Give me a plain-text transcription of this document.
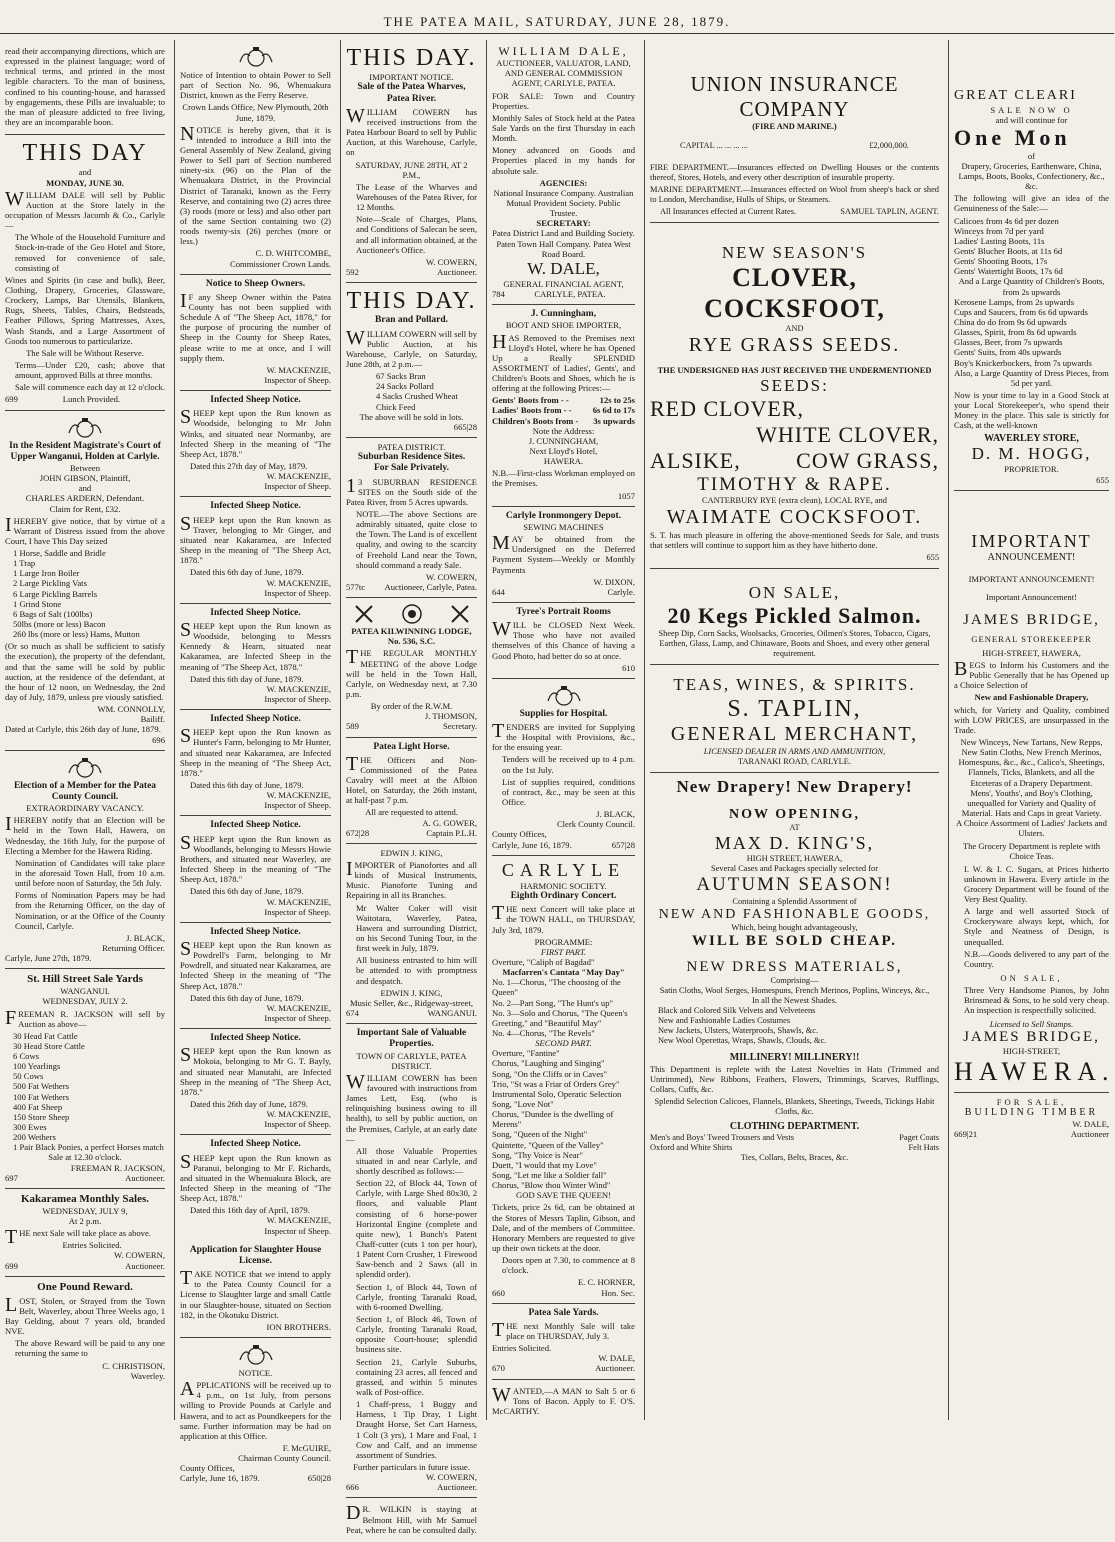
THE PATEA MAIL, SATURDAY, JUNE 28, 1879.
read their accompanying directions, which are expressed in the plainest language; word of technical terms, and printed in the most legible characters. To the man of business, confined to his counting-house, and harassed by engagements, these Pills are invaluable; to the man of pleasure addicted to free living, they are an incomparable boon.
THIS DAY
and
MONDAY, JUNE 30.
WILLIAM DALE will sell by Public Auction at the Store lately in the occupation of Messrs Jacomb & Co., Carlyle—
The Whole of the Household Furniture and Stock-in-trade of the Geo Hotel and Store, removed for convenience of sale, consisting of
Wines and Spirits (in case and bulk), Beer, Clothing, Drapery, Groceries, Glassware, Crockery, Lamps, Bar Utensils, Blankets, Rugs, Sheets, Tables, Chairs, Bedsteads, Feather Pillows, Spring Mattresses, Axes, Wash Stands, and a Large Assortment of Goods too numerous to particularize.
The Sale will be Without Reserve.
Terms—Under £20, cash; above that amount, approved Bills at three months.
Sale will commence each day at 12 o'clock.
699	Lunch Provided.
In the Resident Magistrate's Court of Upper Wanganui, Holden at Carlyle.
Between
JOHN GIBSON, Plaintiff,
and
CHARLES ARDERN, Defendant.
Claim for Rent, £32.
IHEREBY give notice, that by virtue of a Warrant of Distress issued from the above Court, I have This Day seized
1 Horse, Saddle and Bridle
1 Trap
1 Large Iron Boiler
2 Large Pickling Vats
6 Large Pickling Barrels
1 Grind Stone
6 Bags of Salt (100lbs)
50lbs (more or less) Bacon
260 lbs (more or less) Hams, Mutton
(Or so much as shall be sufficient to satisfy the execution), the property of the defendant, and that the same will be sold by public auction, at the residence of the defendant, at the hour of 12 noon, on Wednesday, the 2nd day of July, 1879, unless pre viously satisfied.
WM. CONNOLLY,
Bailiff.
Dated at Carlyle, this 26th day of June, 1879.
696
Election of a Member for the Patea County Council.
EXTRAORDINARY VACANCY.
IHEREBY notify that an Election will be held in the Town Hall, Hawera, on Wednesday, the 16th July, for the purpose of Electing a Member for the Hawera Riding.
Nomination of Candidates will take place in the aforesaid Town Hall, from 10 a.m. until before noon of Saturday, the 5th July.
Forms of Nomination Papers may be had from the Returning Officer, on the day of Nomination, or at the Office of the County Council, Carlyle.
J. BLACK,
Returning Officer.
Carlyle, June 27th, 1879.
St. Hill Street Sale Yards
WANGANUI.
WEDNESDAY, JULY 2.
FREEMAN R. JACKSON will sell by Auction as above—
30 Head Fat Cattle
30 Head Store Cattle
6 Cows
100 Yearlings
50 Cows
500 Fat Wethers
100 Fat Wethers
400 Fat Sheep
150 Store Sheep
300 Ewes
200 Wethers
1 Pair Black Ponies, a perfect Horses match
Sale at 12.30 o'clock.
FREEMAN R. JACKSON,
697	Auctioneer.
Kakaramea Monthly Sales.
WEDNESDAY, JULY 9,
At 2 p.m.
THE next Sale will take place as above.
Entries Solicited.
W. COWERN,
699	Auctioneer.
One Pound Reward.
LOST, Stolen, or Strayed from the Town Belt, Waverley, about Three Weeks ago, 1 Bay Gelding, about 7 years old, branded NVE.
The above Reward will be paid to any one returning the same to
C. CHRISTISON,
Waverley.
Notice of Intention to obtain Power to Sell part of Section No. 96, Whenuakura District, known as the Ferry Reserve.
Crown Lands Office, New Plymouth, 20th June, 1879.
NOTICE is hereby given, that it is intended to introduce a Bill into the General Assembly of New Zealand, giving Power to Sell part of Section numbered ninety-six (96) on the Plan of the Whenuakura District, in the Provincial District of Taranaki, known as the Ferry Reserve, and containing two (2) acres three (3) roods (more or less) and also other part of the same Section containing two (2) roods twenty-six (26) perches (more or less.)
C. D. WHITCOMBE,
Commissioner Crown Lands.
Notice to Sheep Owners.
IF any Sheep Owner within the Patea County has not been supplied with Schedule A of "The Sheep Act, 1878," for the purpose of procuring the number of Sheep in the County for Sheep Rates, please write to me at once, and I will supply them.
W. MACKENZIE,
Inspector of Sheep.
Infected Sheep Notice.
SHEEP kept upon the Run known as Woodside, belonging to Mr John Winks, and situated near Normanby, are Infected Sheep in the meaning of "The Sheep Act, 1878."
Dated this 27th day of May, 1879.
W. MACKENZIE,
Inspector of Sheep.
Infected Sheep Notice.
SHEEP kept upon the Run known as Traver, belonging to Mr Ginger, and situated near Kakaramea, are Infected Sheep in the meaning of "The Sheep Act, 1878."
Dated this 6th day of June, 1879.
W. MACKENZIE,
Inspector of Sheep.
Infected Sheep Notice.
SHEEP kept upon the Run known as Woodside, belonging to Messrs Kennedy & Hearn, situated near Kakaramea, are Infected Sheep in the meaning of "The Sheep Act, 1878."
Dated this 6th day of June, 1879.
W. MACKENZIE,
Inspector of Sheep.
Infected Sheep Notice.
SHEEP kept upon the Run known as Hunter's Farm, belonging to Mr Hunter, and situated near Kakaramea, are Infected Sheep in the meaning of "The Sheep Act, 1878."
Dated this 6th day of June, 1879.
W. MACKENZIE,
Inspector of Sheep.
Infected Sheep Notice.
SHEEP kept upon the Run known as Woodlands, belonging to Messrs Howie Brothers, and situated near Waverley, are Infected Sheep in the meaning of "The Sheep Act, 1878."
Dated this 6th day of June, 1879.
W. MACKENZIE,
Inspector of Sheep.
Infected Sheep Notice.
SHEEP kept upon the Run known as Powdrell's Farm, belonging to Mr Powdrell, and situated near Kakaramea, are Infected Sheep in the meaning of "The Sheep Act, 1878."
Dated this 6th day of June, 1879.
W. MACKENZIE,
Inspector of Sheep.
Infected Sheep Notice.
SHEEP kept upon the Run known as Mokoia, belonging to Mr G. T. Bayly, and situated near Manutahi, are Infected Sheep in the meaning of "The Sheep Act, 1878."
Dated this 26th day of June, 1879.
W. MACKENZIE,
Inspector of Sheep.
Infected Sheep Notice.
SHEEP kept upon the Run known as Paranui, belonging to Mr F. Richards, and situated in the Whenuakura Block, are Infected Sheep in the meaning of "The Sheep Act, 1878."
Dated this 16th day of April, 1879.
W. MACKENZIE,
Inspector of Sheep.
Application for Slaughter House License.
TAKE NOTICE that we intend to apply to the Patea County Council for a License to Slaughter large and small Cattle in our Slaughter-house, situated on Section 182, in the Okotuku District.
ION BROTHERS.
NOTICE.
APPLICATIONS will be received up to 4 p.m., on 1st July, from persons willing to Provide Pounds at Carlyle and Hawera, and to act as Poundkeepers for the same. Further information may be had on application at this Office.
F. McGUIRE,
Chairman County Council.
County Offices,
Carlyle, June 16, 1879.	650|28
THIS DAY.
IMPORTANT NOTICE.
Sale of the Patea Wharves, Patea River.
WILLIAM COWERN has received instructions from the Patea Harbour Board to sell by Public Auction, at this Warehouse, Carlyle, on
SATURDAY, JUNE 28TH, AT 2 P.M.,
The Lease of the Wharves and Warehouses of the Patea River, for 12 Months.
Note—Scale of Charges, Plans, and Conditions of Salecan be seen, and all information obtained, at the Auctioneer's Office.
W. COWERN,
592	Auctioneer.
THIS DAY.
Bran and Pollard.
WILLIAM COWERN will sell by Public Auction, at his Warehouse, Carlyle, on Saturday, June 28th, at 2 p.m.—
67 Sacks Bran
24 Sacks Pollard
4 Sacks Crushed Wheat
Chick Feed
The above will be sold in lots.
665|28
PATEA DISTRICT.
Suburban Residence Sites.
For Sale Privately.
13 SUBURBAN RESIDENCE SITES on the South side of the Patea River, from 5 Acres upwards.
NOTE.—The above Sections are admirably situated, quite close to the Town. The Land is of excellent quality, and owing to the scarcity of Freehold Land near the Town, should command a ready Sale.
W. COWERN,
577tc Auctioneer, Carlyle, Patea.
PATEA KILWINNING LODGE, No. 536, S.C.
THE REGULAR MONTHLY MEETING of the above Lodge will be held in the Town Hall, Carlyle, on Wednesday next, at 7.30 p.m.
By order of the R.W.M.
J. THOMSON,
589	Secretary.
Patea Light Horse.
THE Officers and Non-Commissioned of the Patea Cavalry will meet at the Albion Hotel, on Saturday, the 26th instant, at half-past 7 p.m.
All are requested to attend.
A. G. GOWER,
672|28	Captain P.L.H.
EDWIN J. KING,
IMPORTER of Pianofortes and all kinds of Musical Instruments, Music. Pianoforte Tuning and Repairing in all its Branches.
Mr Walter Coker will visit Waitotara, Waverley, Patea, Hawera and surrounding District, on his Second Tuning Tour, in the first week in July, 1879.
All business entrusted to him will be attended to with promptness and despatch.
EDWIN J. KING,
Music Seller, &c., Ridgeway-street,
674	WANGANUI.
Important Sale of Valuable Properties.
TOWN OF CARLYLE, PATEA DISTRICT.
WILLIAM COWERN has been favoured with instructions from James Lett, Esq. (who is relinquishing business owing to ill health), to sell by public auction, on the Premises, Carlyle, at an early date—
All those Valuable Properties situated in and near Carlyle, and shortly described as follows:—
Section 22, of Block 44, Town of Carlyle, with Large Shed 80x30, 2 floors, and valuable Plant consisting of 6 horse-power Horizontal Engine (complete and quite new), 1 Bunch's Patent Chaff-cutter (cuts 1 ton per hour), 1 Patent Corn Crusher, 1 Firewood Saw-bench and 2 Saws (all in splendid order).
Section 1, of Block 44, Town of Carlyle, fronting Taranaki Road, with 6-roomed Dwelling.
Section 1, of Block 46, Town of Carlyle, fronting Taranaki Road, opposite Court-house; splendid business site.
Section 21, Carlyle Suburbs, containing 23 acres, all fenced and grassed, and within 5 minutes walk of Post-office.
1 Chaff-press, 1 Buggy and Harness, 1 Tip Dray, 1 Light Draught Horse, Set Cart Harness, 1 Colt (3 yrs), 1 Mare and Foal, 1 Cow and Calf, and an immense assortment of Sundries.
Further particulars in future issue.
W. COWERN,
666	Auctioneer.
DR. WILKIN is staying at Belmont Hill, with Mr Samuel Peat, where he can be consulted daily.
WILLIAM DALE,
AUCTIONEER, VALUATOR, LAND, AND GENERAL COMMISSION AGENT, CARLYLE, PATEA.
FOR SALE: Town and Country Properties.
Monthly Sales of Stock held at the Patea Sale Yards on the first Thursday in each Month.
Money advanced on Goods and Properties placed in my hands for absolute sale.
AGENCIES:
National Insurance Company. Australian Mutual Provident Society. Public Trustee.
SECRETARY:
Patea District Land and Building Society. Paten Town Hall Company. Patea West Road Board.
W. DALE,
GENERAL FINANCIAL AGENT,
784	CARLYLE, PATEA.
J. Cunningham,
BOOT AND SHOE IMPORTER,
HAS Removed to the Premises next Lloyd's Hotel, where he has Opened Up a Really SPLENDID ASSORTMENT of Ladies', Gents', and Children's Boots and Shoes, which he is offering at the following Prices:—
Gents' Boots from - -	12s to 25s
Ladies' Boots from - - 6s 6d to 17s
Children's Boots from - 3s upwards
Note the Address:
J. CUNNINGHAM,
Next Lloyd's Hotel,
HAWERA.
N.B.—First-class Workman employed on the Premises.
1057
Carlyle Ironmongery Depot.
SEWING MACHINES
MAY be obtained from the Undersigned on the Deferred Payment System—Weekly or Monthly Payments
W. DIXON,
644	Carlyle.
Tyree's Portrait Rooms
WILL be CLOSED Next Week. Those who have not availed themselves of this Chance of having a Good Photo, had better do so at once.
610
Supplies for Hospital.
TENDERS are invited for Supplying the Hospital with Provisions, &c., for the ensuing year.
Tenders will be received up to 4 p.m. on the 1st July.
List of supplies required, conditions of contract, &c., may be seen at this Office.
J. BLACK,
Clerk County Council.
County Offices,
Carlyle, June 16, 1879.	657|28
CARLYLE
HARMONIC SOCIETY.
Eighth Ordinary Concert.
THE next Concert will take place at the TOWN HALL, on THURSDAY, July 3rd, 1879.
PROGRAMME:
FIRST PART.
Overture, "Caliph of Bagdad"
Macfarren's Cantata "May Day"
No. 1—Chorus, "The choosing of the Queen"
No. 2—Part Song, "The Hunt's up"
No. 3—Solo and Chorus, "The Queen's Greeting," and "Beautiful May"
No. 4—Chorus, "The Revels"
SECOND PART.
Overture, "Fantine"
Chorus, "Laughing and Singing"
Song, "On the Cliffs or in Caves"
Trio, "St was a Friar of Orders Grey"
Instrumental Solo, Operatic Selection
Song, "Love Not"
Chorus, "Dundee is the dwelling of Merens"
Song, "Queen of the Night"
Quintette, "Queen of the Valley"
Song, "Thy Voice is Near"
Duett, "I would that my Love"
Song, "Let me like a Soldier fall"
Chorus, "Blow thou Winter Wind"
GOD SAVE THE QUEEN!
Tickets, price 2s 6d, can be obtained at the Stores of Messrs Taplin, Gibson, and Dale, and of the members of Committee. Honorary Members are requested to give up their own tickets at the door.
Doors open at 7.30, to commence at 8 o'clock.
E. C. HORNER,
660	Hon. Sec.
Patea Sale Yards.
THE next Monthly Sale will take place on THURSDAY, July 3.
Entries Solicited.
W. DALE,
670	Auctioneer.
WANTED,—A MAN to Salt 5 or 6 Tons of Bacon. Apply to F. O'S. McCARTHY.
UNION INSURANCE COMPANY
(FIRE AND MARINE.)
CAPITAL ... ... ... ...	£2,000,000.
FIRE DEPARTMENT.—Insurances effected on Dwelling Houses or the contents thereof, Stores, Hotels, and every other description of insurable property.
MARINE DEPARTMENT.—Insurances effected on Wool from sheep's back or shed to London, Merchandise, Hulls of Ships, or Steamers.
All Insurances effected at Current Rates.	SAMUEL TAPLIN, AGENT.
NEW SEASON'S
CLOVER, COCKSFOOT,
AND
RYE GRASS SEEDS.
THE UNDERSIGNED HAS JUST RECEIVED THE UNDERMENTIONED
SEEDS:
RED CLOVER,
WHITE CLOVER,
ALSIKE,	COW GRASS,
TIMOTHY & RAPE.
CANTERBURY RYE (extra clean), LOCAL RYE, and
WAIMATE COCKSFOOT.
S. T. has much pleasure in offering the above-mentioned Seeds for Sale, and trusts that settlers will continue to support him as they have hitherto done.
655
ON SALE,
20 Kegs Pickled Salmon.
Sheep Dip, Corn Sacks, Woolsacks, Groceries, Oilmen's Stores, Tobacco, Cigars, Earthen, Glass, Lamp, and Chinaware, Boots and Shoes, and every other general requirement.
TEAS, WINES, & SPIRITS.
S. TAPLIN,
GENERAL MERCHANT,
LICENSED DEALER IN ARMS AND AMMUNITION,
TARANAKI ROAD, CARLYLE.
New Drapery! New Drapery!
NOW OPENING,
AT
MAX D. KING'S,
HIGH STREET, HAWERA,
Several Cases and Packages specially selected for
AUTUMN SEASON!
Containing a Splendid Assortment of
NEW AND FASHIONABLE GOODS,
Which, being bought advantageously,
WILL BE SOLD CHEAP.
NEW DRESS MATERIALS,
Comprising—
Satin Cloths, Wool Serges, Homespuns, French Merinos, Poplins, Winceys, &c.,
In all the Newest Shades.
Black and Colored Silk Velvets and Velveteens
New and Fashionable Ladies Costumes
New Jackets, Ulsters, Waterproofs, Shawls, &c.
New Wool Operettas, Wraps, Shawls, Clouds, &c.
MILLINERY! MILLINERY!!
This Department is replete with the Latest Novelties in Hats (Trimmed and Untrimmed), New Ribbons, Feathers, Flowers, Trimmings, Scarves, Rufflings, Collars, Cuffs, &c.
Splendid Selection Calicoes, Flannels, Blankets, Sheetings, Tweeds, Tickings Habit Cloths, &c.
CLOTHING DEPARTMENT.
Men's and Boys' Tweed Trousers and Vests	Paget Coats
Oxford and White Shirts	Felt Hats
Ties, Collars, Belts, Braces, &c.
GREAT CLEARI
SALE NOW O
and will continue for
One Mon
of
Drapery, Groceries, Earthenware, China, Lamps, Boots, Books, Confectionery, &c., &c.
The following will give an idea of the Genuineness of the Sale:—
Calicoes from 4s 6d per dozen
Winceys from 7d per yard
Ladies' Lasting Boots, 11s
Gents' Blucher Boots, at 11s 6d
Gents' Shooting Boots, 17s
Gents' Watertight Boots, 17s 6d
And a Large Quantity of Children's Boots, from 2s upwards
Kerosene Lamps, from 2s upwards
Cups and Saucers, from 6s 6d upwards
China do do from 9s 6d upwards
Glasses, Spirit, from 8s 6d upwards
Glasses, Beer, from 7s upwards
Gents' Suits, from 40s upwards
Boy's Knickerbockers, from 7s upwards
Also, a Large Quantity of Dress Pieces, from 5d per yard.
Now is your time to lay in a Good Stock at your Local Storekeeper's, who spend their Money in the place. This sale is strictly for Cash, at the well-known
WAVERLEY STORE,
D. M. HOGG,
PROPRIETOR.
655
IMPORTANT
ANNOUNCEMENT!
IMPORTANT ANNOUNCEMENT!
Important Announcement!
JAMES BRIDGE,
GENERAL STOREKEEPER
HIGH-STREET, HAWERA,
BEGS to Inform his Customers and the Public Generally that he has Opened up a Choice Selection of
New and Fashionable Drapery,
which, for Variety and Quality, combined with LOW PRICES, are unsurpassed in the Trade.
New Winceys, New Tartans, New Repps, New Satin Cloths, New French Merinos, Homespuns, &c., &c., Calico's, Sheetings, Flannels, Ticks, Blankets, and all the Etceteras of a Drapery Department.
Mens', Youths', and Boy's Clothing, unequalled for Variety and Quality of Material. Hats and Caps in great Variety.
A Choice Assortment of Ladies' Jackets and Ulsters.
The Grocery Department is replete with Choice Teas.
I. W. & I. C. Sugars, at Prices hitherto unknown in Hawera. Every article in the Grocery Department will be found of the Very Best Quality.
A large and well assorted Stock of Crockeryware always kept, which, for Style and Neatness of Design, is unequalled.
N.B.—Goods delivered to any part of the Country.
ON SALE,
Three Very Handsome Pianos, by John Brinsmead & Sons, to be sold very cheap. An inspection is respectfully solicited.
Licensed to Sell Stamps.
JAMES BRIDGE,
HIGH-STREET,
HAWERA.
FOR SALE,
BUILDING TIMBER
W. DALE,
669|21	Auctioneer
